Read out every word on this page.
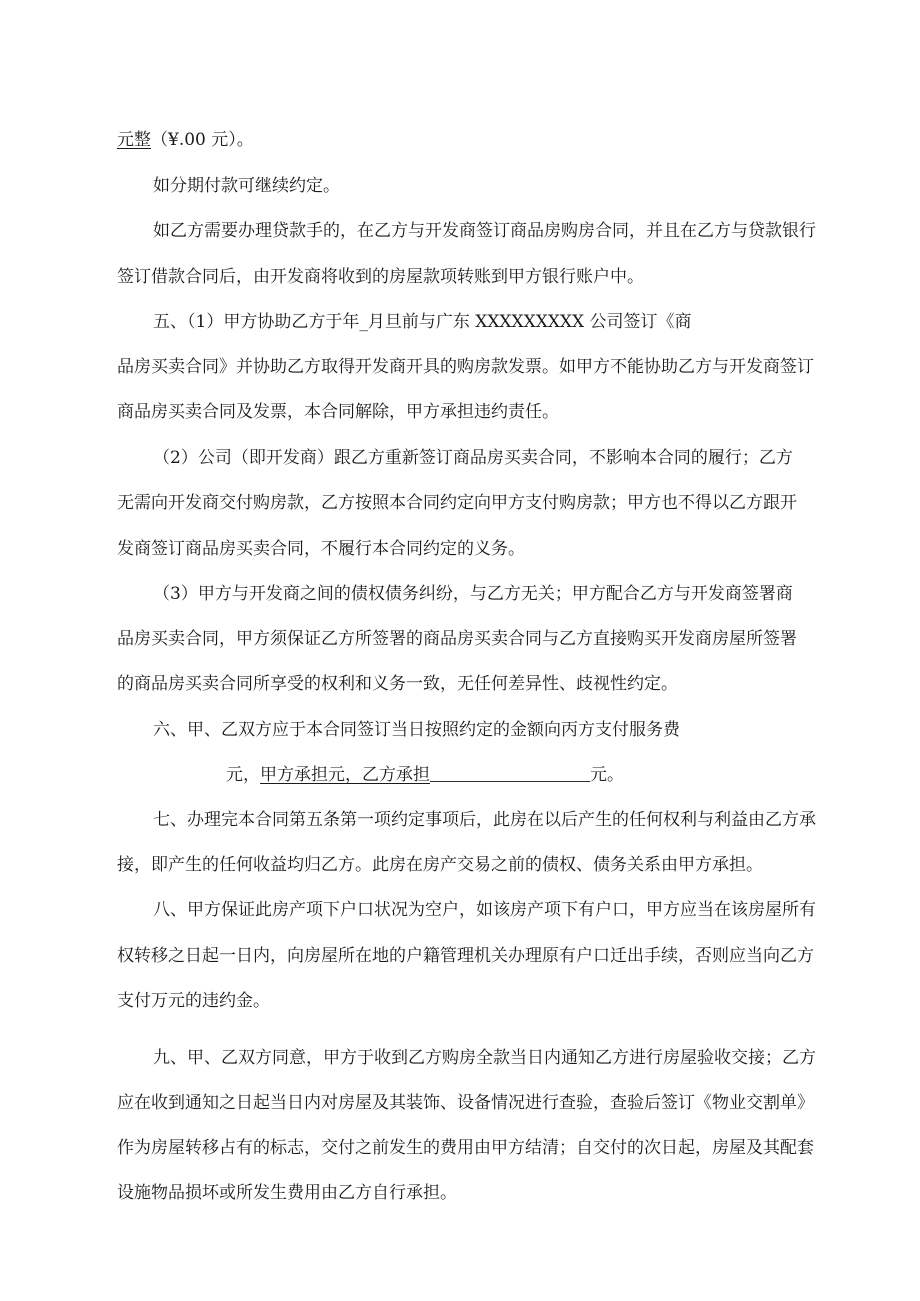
元整（¥.00 元）。

如分期付款可继续约定。

如乙方需要办理贷款手的，在乙方与开发商签订商品房购房合同，并且在乙方与贷款银行

签订借款合同后，由开发商将收到的房屋款项转账到甲方银行账户中。

五、（1）甲方协助乙方于年_月旦前与广东 XXXXXXXXX 公司签订《商

品房买卖合同》并协助乙方取得开发商开具的购房款发票。如甲方不能协助乙方与开发商签订

商品房买卖合同及发票，本合同解除，甲方承担违约责任。

（2）公司（即开发商）跟乙方重新签订商品房买卖合同，不影响本合同的履行；乙方

无需向开发商交付购房款，乙方按照本合同约定向甲方支付购房款；甲方也不得以乙方跟开

发商签订商品房买卖合同，不履行本合同约定的义务。

（3）甲方与开发商之间的债权债务纠纷，与乙方无关；甲方配合乙方与开发商签署商

品房买卖合同，甲方须保证乙方所签署的商品房买卖合同与乙方直接购买开发商房屋所签署

的商品房买卖合同所享受的权利和义务一致，无任何差异性、歧视性约定。

六、甲、乙双方应于本合同签订当日按照约定的金额向丙方支付服务费

元，甲方承担元，乙方承担	元。

七、办理完本合同第五条第一项约定事项后，此房在以后产生的任何权利与利益由乙方承

接，即产生的任何收益均归乙方。此房在房产交易之前的债权、债务关系由甲方承担。

八、甲方保证此房产项下户口状况为空户，如该房产项下有户口，甲方应当在该房屋所有

权转移之日起一日内，向房屋所在地的户籍管理机关办理原有户口迁出手续，否则应当向乙方

支付万元的违约金。

九、甲、乙双方同意，甲方于收到乙方购房全款当日内通知乙方进行房屋验收交接；乙方

应在收到通知之日起当日内对房屋及其装饰、设备情况进行查验，查验后签订《物业交割单》

作为房屋转移占有的标志，交付之前发生的费用由甲方结清；自交付的次日起，房屋及其配套

设施物品损坏或所发生费用由乙方自行承担。
